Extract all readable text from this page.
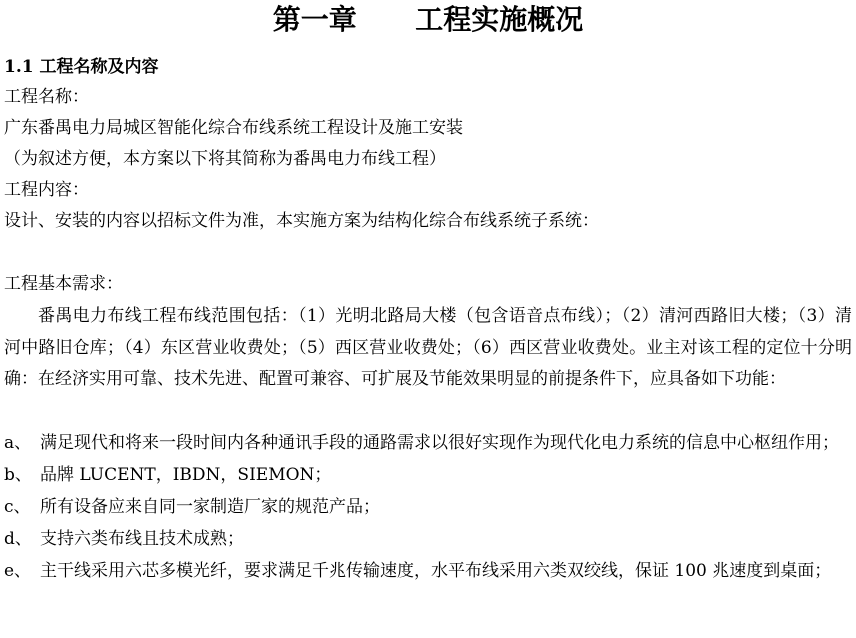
第一章      工程实施概况
1.1 工程名称及内容
工程名称：
广东番禺电力局城区智能化综合布线系统工程设计及施工安装
（为叙述方便，本方案以下将其简称为番禺电力布线工程）
工程内容：
设计、安装的内容以招标文件为准，本实施方案为结构化综合布线系统子系统：
工程基本需求：
番禺电力布线工程布线范围包括：（1）光明北路局大楼（包含语音点布线）；（2）清河西路旧大楼；（3）清河中路旧仓库；（4）东区营业收费处；（5）西区营业收费处；（6）西区营业收费处。业主对该工程的定位十分明确：在经济实用可靠、技术先进、配置可兼容、可扩展及节能效果明显的前提条件下，应具备如下功能：
a、 满足现代和将来一段时间内各种通讯手段的通路需求以很好实现作为现代化电力系统的信息中心枢纽作用；
b、 品牌 LUCENT，IBDN，SIEMON；
c、 所有设备应来自同一家制造厂家的规范产品；
d、 支持六类布线且技术成熟；
e、 主干线采用六芯多模光纤，要求满足千兆传输速度，水平布线采用六类双绞线，保证 100 兆速度到桌面；
